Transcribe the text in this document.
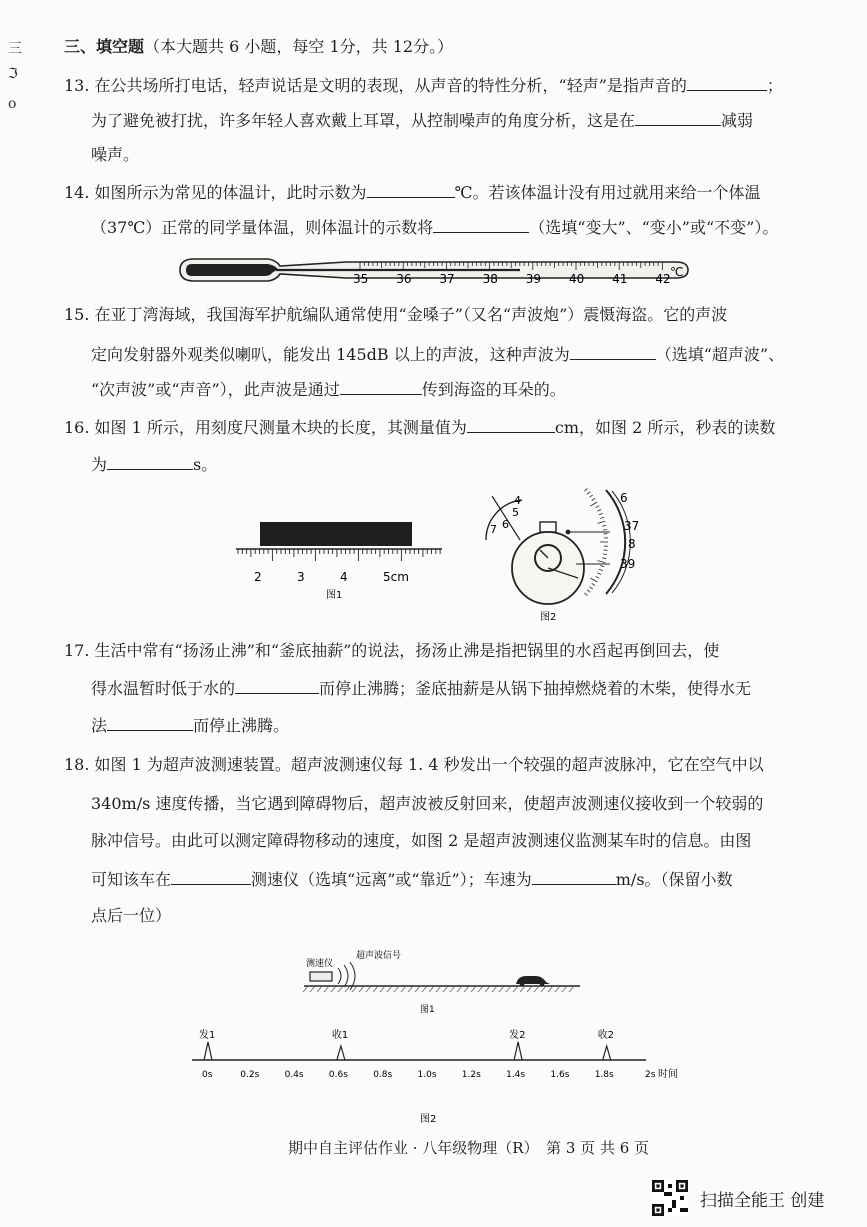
三
ℑ
o
三、填空题（本大题共 6 小题，每空 1分，共 12分。）
13. 在公共场所打电话，轻声说话是文明的表现，从声音的特性分析，“轻声”是指声音的	；
为了避免被打扰，许多年轻人喜欢戴上耳罩，从控制噪声的角度分析，这是在	减弱
噪声。
14. 如图所示为常见的体温计，此时示数为	℃。若该体温计没有用过就用来给一个体温
（37℃）正常的同学量体温，则体温计的示数将	（选填“变大”、“变小”或“不变”）。
35 36 37 38 39 40 41 42 ℃
15. 在亚丁湾海域，我国海军护航编队通常使用“金嗓子”（又名“声波炮”）震慑海盗。它的声波
定向发射器外观类似喇叭，能发出 145dB 以上的声波，这种声波为	（选填“超声波”、
“次声波”或“声音”），此声波是通过	传到海盗的耳朵的。
16. 如图 1 所示，用刻度尺测量木块的长度，其测量值为	cm，如图 2 所示，秒表的读数
为	s。
2	3	4	5cm
图1
4
5
6
7
6
37
8
39
图2
17. 生活中常有“扬汤止沸”和“釜底抽薪”的说法，扬汤止沸是指把锅里的水舀起再倒回去，使
得水温暂时低于水的	而停止沸腾；釜底抽薪是从锅下抽掉燃烧着的木柴，使得水无
法	而停止沸腾。
18. 如图 1 为超声波测速装置。超声波测速仪每 1. 4 秒发出一个较强的超声波脉冲，它在空气中以
340m/s 速度传播，当它遇到障碍物后，超声波被反射回来，使超声波测速仪接收到一个较弱的
脉冲信号。由此可以测定障碍物移动的速度，如图 2 是超声波测速仪监测某车时的信息。由图
可知该车在	测速仪（选填“远离”或“靠近”）；车速为	m/s。（保留小数
点后一位）
测速仪
超声波信号
图1
发1	收1	发2	收2
0s	0.2s	0.4s	0.6s	0.8s	1.0s	1.2s	1.4s	1.6s	1.8s	2s 时间
图2
期中自主评估作业 · 八年级物理（R）　第 3 页 共 6 页
扫描全能王 创建
